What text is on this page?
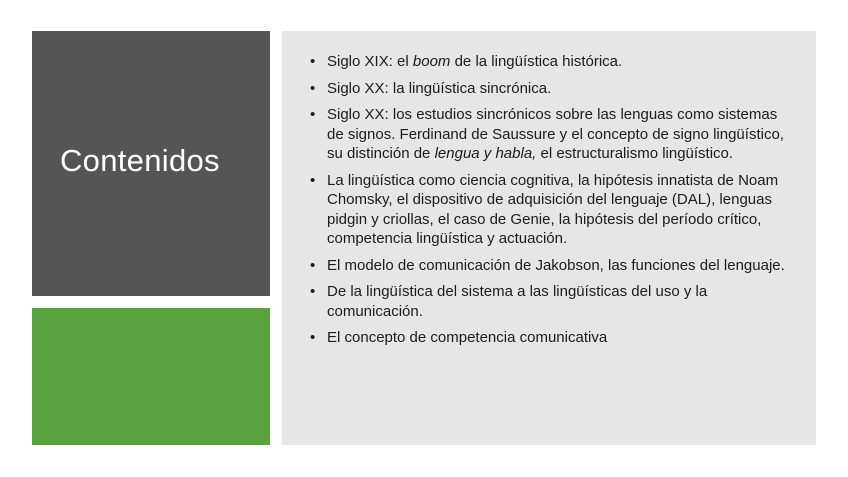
Contenidos
• Siglo XIX: el boom de la lingüística histórica.
• Siglo XX: la lingüística sincrónica.
• Siglo XX: los estudios sincrónicos sobre las lenguas como sistemas de signos. Ferdinand de Saussure y el concepto de signo lingüístico, su distinción de lengua y habla, el estructuralismo lingüístico.
• La lingüística como ciencia cognitiva, la hipótesis innatista de Noam Chomsky, el dispositivo de adquisición del lenguaje (DAL), lenguas pidgin y criollas, el caso de Genie, la hipótesis del período crítico, competencia lingüística y actuación.
• El modelo de comunicación de Jakobson, las funciones del lenguaje.
• De la lingüística del sistema a las lingüísticas del uso y la comunicación.
• El concepto de competencia comunicativa
